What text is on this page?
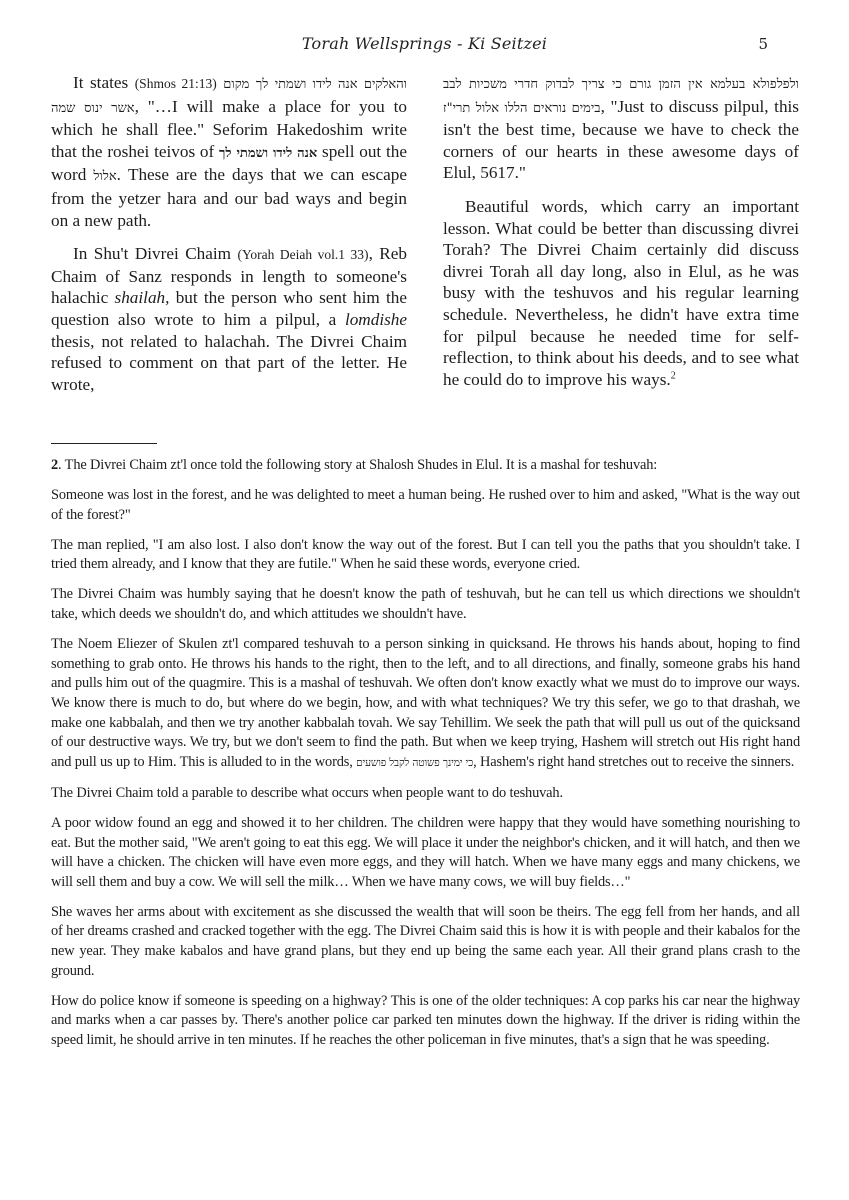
Torah Wellsprings - Ki Seitzei	5

It states (Shmos 21:13)	והאלקים אנה לידו ושמתי לך מקום אשר ינוס שמה, "…I will make a place for you to which he shall flee." Seforim Hakedoshim write that the roshei teivos of אנה לידו ושמתי לך spell out the word אלול. These are the days that we can escape from the yetzer hara and our bad ways and begin on a new path.

In Shu't Divrei Chaim (Yorah Deiah vol.1 33), Reb Chaim of Sanz responds in length to someone's halachic shailah, but the person who sent him the question also wrote to him a pilpul, a lomdishe thesis, not related to halachah. The Divrei Chaim refused to comment on that part of the letter. He wrote,

ולפלפולא בעלמא אין הזמן גורם כי צריך לבדוק חדרי משכיות לבב בימים נוראים הללו אלול תרי"ז, "Just to discuss pilpul, this isn't the best time, because we have to check the corners of our hearts in these awesome days of Elul, 5617."

Beautiful words, which carry an important lesson. What could be better than discussing divrei Torah? The Divrei Chaim certainly did discuss divrei Torah all day long, also in Elul, as he was busy with the teshuvos and his regular learning schedule. Nevertheless, he didn't have extra time for pilpul because he needed time for self-reflection, to think about his deeds, and to see what he could do to improve his ways.$^2$

2. The Divrei Chaim zt'l once told the following story at Shalosh Shudes in Elul. It is a mashal for teshuvah:

Someone was lost in the forest, and he was delighted to meet a human being. He rushed over to him and asked, "What is the way out of the forest?"

The man replied, "I am also lost. I also don't know the way out of the forest. But I can tell you the paths that you shouldn't take. I tried them already, and I know that they are futile." When he said these words, everyone cried.

The Divrei Chaim was humbly saying that he doesn't know the path of teshuvah, but he can tell us which directions we shouldn't take, which deeds we shouldn't do, and which attitudes we shouldn't have.

The Noem Eliezer of Skulen zt'l compared teshuvah to a person sinking in quicksand. He throws his hands about, hoping to find something to grab onto. He throws his hands to the right, then to the left, and to all directions, and finally, someone grabs his hand and pulls him out of the quagmire. This is a mashal of teshuvah. We often don't know exactly what we must do to improve our ways. We know there is much to do, but where do we begin, how, and with what techniques? We try this sefer, we go to that drashah, we make one kabbalah, and then we try another kabbalah tovah. We say Tehillim. We seek the path that will pull us out of the quicksand of our destructive ways. We try, but we don't seem to find the path. But when we keep trying, Hashem will stretch out His right hand and pull us up to Him. This is alluded to in the words, כי ימינך פשוטה לקבל פושעים, Hashem's right hand stretches out to receive the sinners.

The Divrei Chaim told a parable to describe what occurs when people want to do teshuvah.

A poor widow found an egg and showed it to her children. The children were happy that they would have something nourishing to eat. But the mother said, "We aren't going to eat this egg. We will place it under the neighbor's chicken, and it will hatch, and then we will have a chicken. The chicken will have even more eggs, and they will hatch. When we have many eggs and many chickens, we will sell them and buy a cow. We will sell the milk… When we have many cows, we will buy fields…"

She waves her arms about with excitement as she discussed the wealth that will soon be theirs. The egg fell from her hands, and all of her dreams crashed and cracked together with the egg. The Divrei Chaim said this is how it is with people and their kabalos for the new year. They make kabalos and have grand plans, but they end up being the same each year. All their grand plans crash to the ground.

How do police know if someone is speeding on a highway? This is one of the older techniques: A cop parks his car near the highway and marks when a car passes by. There's another police car parked ten minutes down the highway. If the driver is riding within the speed limit, he should arrive in ten minutes. If he reaches the other policeman in five minutes, that's a sign that he was speeding.
